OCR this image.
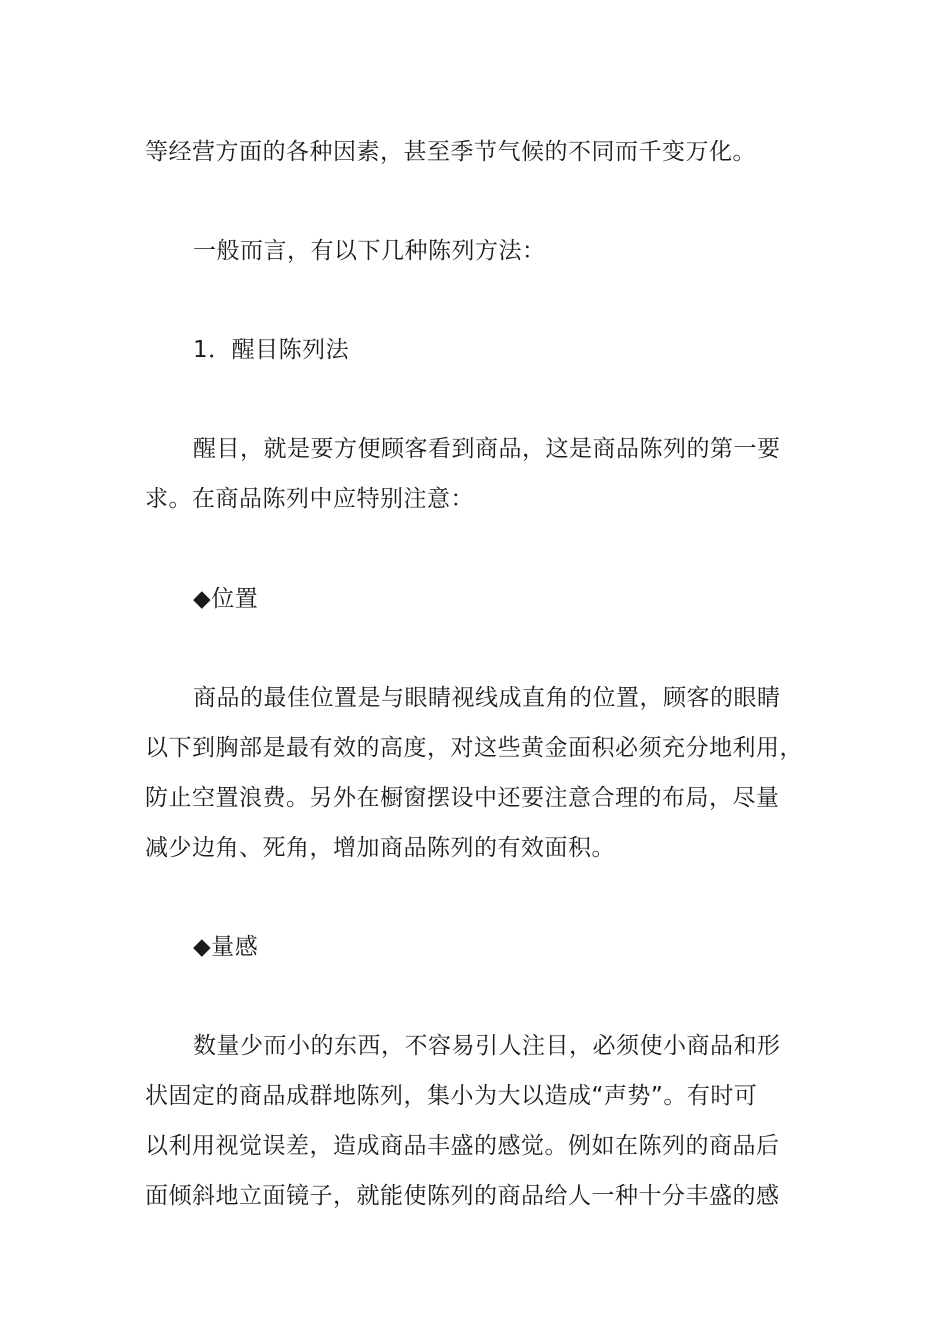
等经营方面的各种因素，甚至季节气候的不同而千变万化。
一般而言，有以下几种陈列方法：
1．醒目陈列法
醒目，就是要方便顾客看到商品，这是商品陈列的第一要
求。在商品陈列中应特别注意：
◆位置
商品的最佳位置是与眼睛视线成直角的位置，顾客的眼睛
以下到胸部是最有效的高度，对这些黄金面积必须充分地利用，
防止空置浪费。另外在橱窗摆设中还要注意合理的布局，尽量
减少边角、死角，增加商品陈列的有效面积。
◆量感
数量少而小的东西，不容易引人注目，必须使小商品和形
状固定的商品成群地陈列，集小为大以造成“声势”。有时可
以利用视觉误差，造成商品丰盛的感觉。例如在陈列的商品后
面倾斜地立面镜子，就能使陈列的商品给人一种十分丰盛的感
